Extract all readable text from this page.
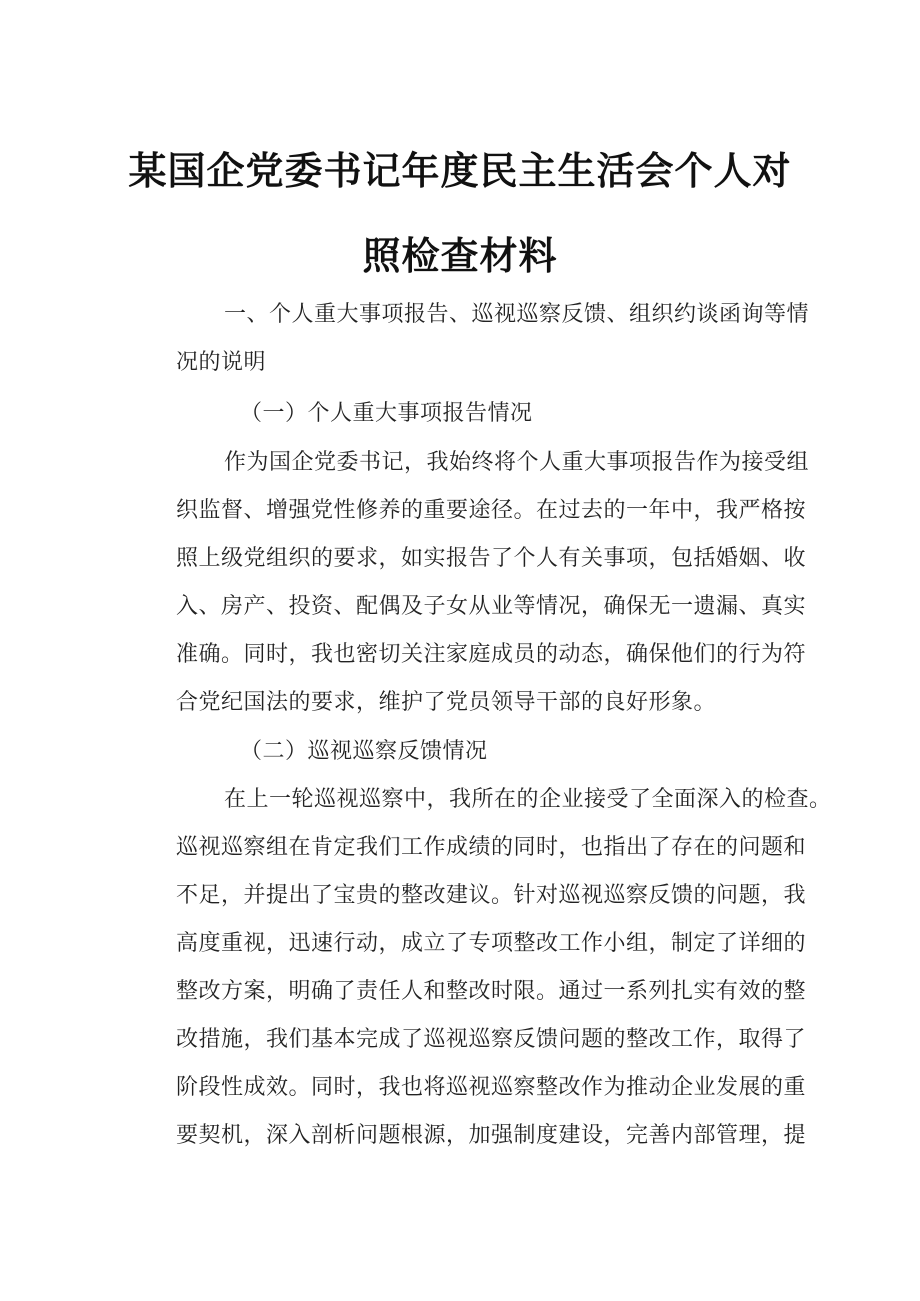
某国企党委书记年度民主生活会个人对
照检查材料
一、个人重大事项报告、巡视巡察反馈、组织约谈函询等情
况的说明
（一）个人重大事项报告情况
作为国企党委书记，我始终将个人重大事项报告作为接受组
织监督、增强党性修养的重要途径。在过去的一年中，我严格按
照上级党组织的要求，如实报告了个人有关事项，包括婚姻、收
入、房产、投资、配偶及子女从业等情况，确保无一遗漏、真实
准确。同时，我也密切关注家庭成员的动态，确保他们的行为符
合党纪国法的要求，维护了党员领导干部的良好形象。
（二）巡视巡察反馈情况
在上一轮巡视巡察中，我所在的企业接受了全面深入的检查。
巡视巡察组在肯定我们工作成绩的同时，也指出了存在的问题和
不足，并提出了宝贵的整改建议。针对巡视巡察反馈的问题，我
高度重视，迅速行动，成立了专项整改工作小组，制定了详细的
整改方案，明确了责任人和整改时限。通过一系列扎实有效的整
改措施，我们基本完成了巡视巡察反馈问题的整改工作，取得了
阶段性成效。同时，我也将巡视巡察整改作为推动企业发展的重
要契机，深入剖析问题根源，加强制度建设，完善内部管理，提
